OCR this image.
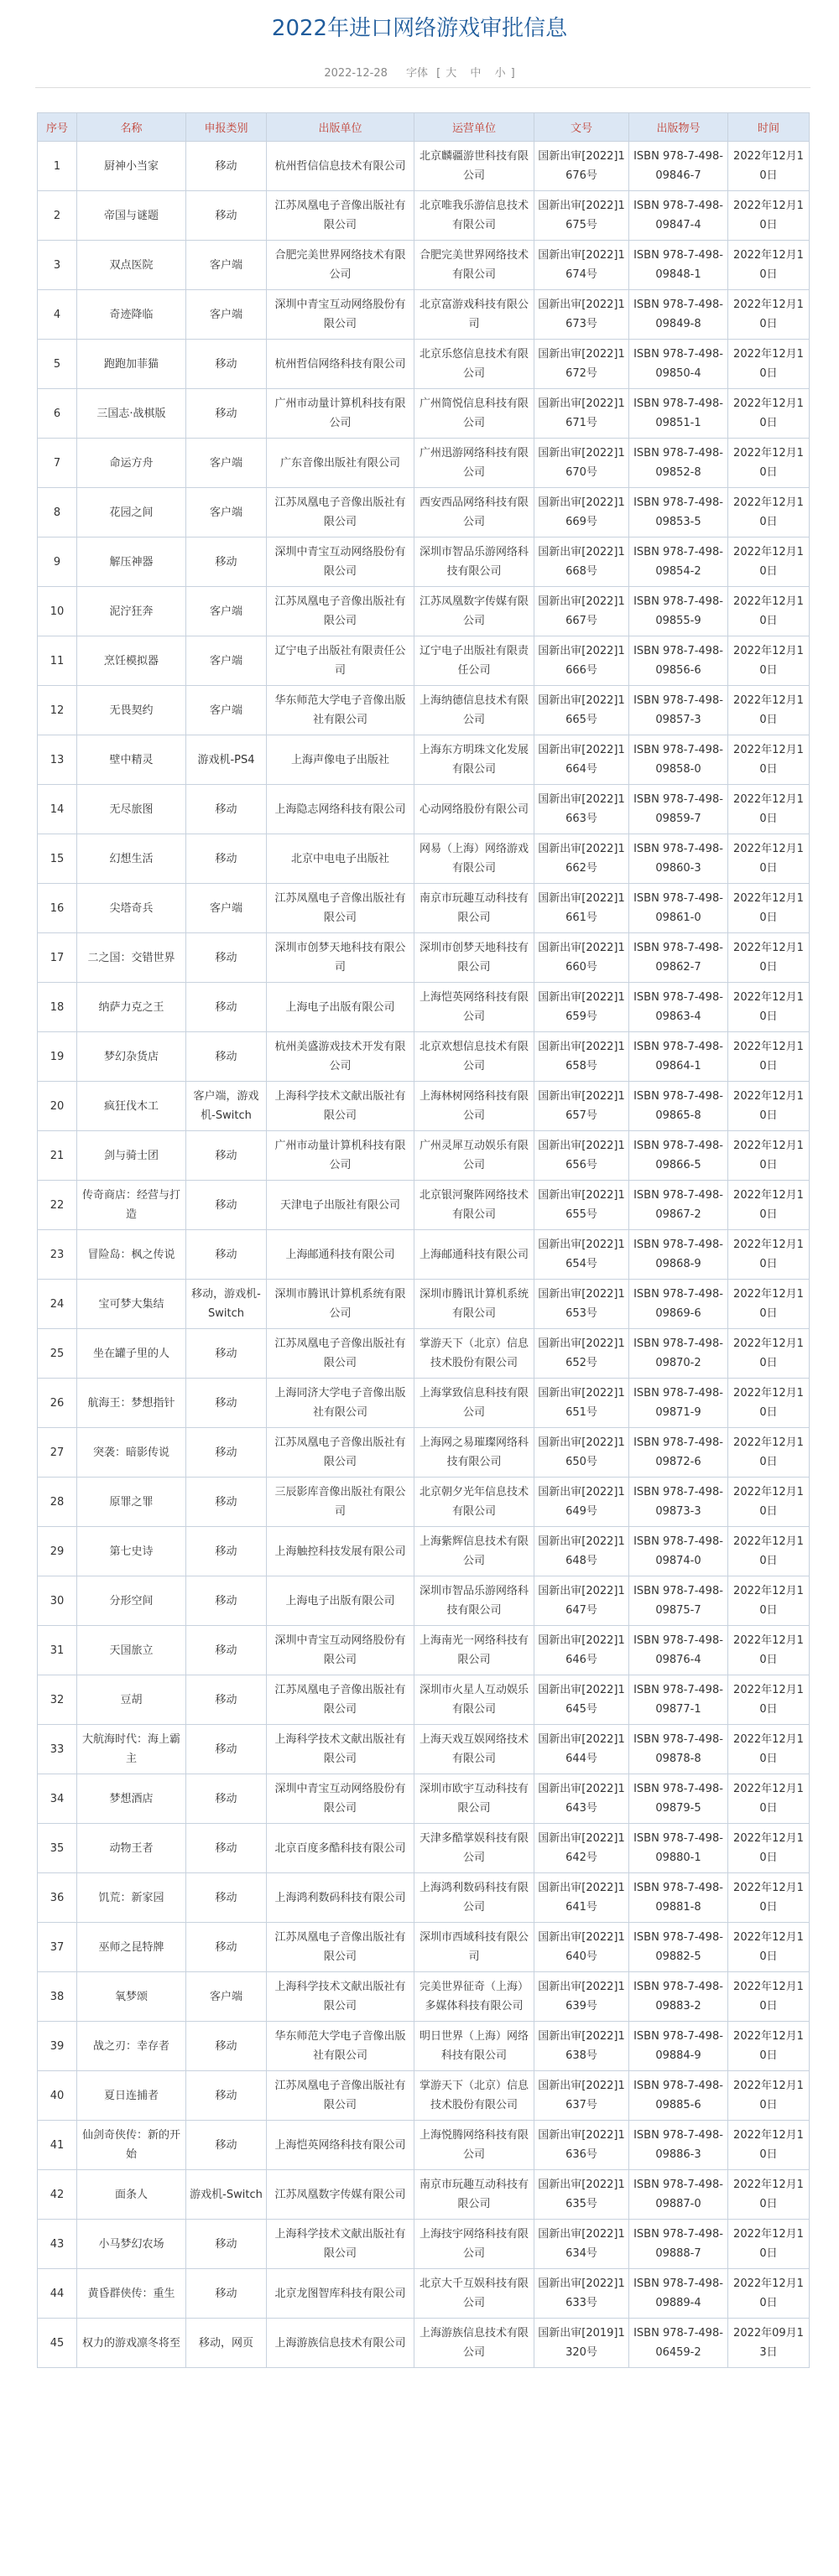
2022年进口网络游戏审批信息
2022-12-28 字体 [ 大 中 小 ]
序号	名称	申报类别	出版单位	运营单位	文号	出版物号	时间
1	厨神小当家	移动	杭州哲信信息技术有限公司	北京麟疆游世科技有限公司	国新出审[2022]1676号	ISBN 978-7-498-09846-7	2022年12月10日
2	帝国与谜题	移动	江苏凤凰电子音像出版社有限公司	北京唯我乐游信息技术有限公司	国新出审[2022]1675号	ISBN 978-7-498-09847-4	2022年12月10日
3	双点医院	客户端	合肥完美世界网络技术有限公司	合肥完美世界网络技术有限公司	国新出审[2022]1674号	ISBN 978-7-498-09848-1	2022年12月10日
4	奇迹降临	客户端	深圳中青宝互动网络股份有限公司	北京富游戏科技有限公司	国新出审[2022]1673号	ISBN 978-7-498-09849-8	2022年12月10日
5	跑跑加菲猫	移动	杭州哲信网络科技有限公司	北京乐悠信息技术有限公司	国新出审[2022]1672号	ISBN 978-7-498-09850-4	2022年12月10日
6	三国志·战棋版	移动	广州市动量计算机科技有限公司	广州简悦信息科技有限公司	国新出审[2022]1671号	ISBN 978-7-498-09851-1	2022年12月10日
7	命运方舟	客户端	广东音像出版社有限公司	广州迅游网络科技有限公司	国新出审[2022]1670号	ISBN 978-7-498-09852-8	2022年12月10日
8	花园之间	客户端	江苏凤凰电子音像出版社有限公司	西安西品网络科技有限公司	国新出审[2022]1669号	ISBN 978-7-498-09853-5	2022年12月10日
9	解压神器	移动	深圳中青宝互动网络股份有限公司	深圳市智品乐游网络科技有限公司	国新出审[2022]1668号	ISBN 978-7-498-09854-2	2022年12月10日
10	泥泞狂奔	客户端	江苏凤凰电子音像出版社有限公司	江苏凤凰数字传媒有限公司	国新出审[2022]1667号	ISBN 978-7-498-09855-9	2022年12月10日
11	烹饪模拟器	客户端	辽宁电子出版社有限责任公司	辽宁电子出版社有限责任公司	国新出审[2022]1666号	ISBN 978-7-498-09856-6	2022年12月10日
12	无畏契约	客户端	华东师范大学电子音像出版社有限公司	上海纳德信息技术有限公司	国新出审[2022]1665号	ISBN 978-7-498-09857-3	2022年12月10日
13	壁中精灵	游戏机-PS4	上海声像电子出版社	上海东方明珠文化发展有限公司	国新出审[2022]1664号	ISBN 978-7-498-09858-0	2022年12月10日
14	无尽旅图	移动	上海隐志网络科技有限公司	心动网络股份有限公司	国新出审[2022]1663号	ISBN 978-7-498-09859-7	2022年12月10日
15	幻想生活	移动	北京中电电子出版社	网易（上海）网络游戏有限公司	国新出审[2022]1662号	ISBN 978-7-498-09860-3	2022年12月10日
16	尖塔奇兵	客户端	江苏凤凰电子音像出版社有限公司	南京市玩趣互动科技有限公司	国新出审[2022]1661号	ISBN 978-7-498-09861-0	2022年12月10日
17	二之国：交错世界	移动	深圳市创梦天地科技有限公司	深圳市创梦天地科技有限公司	国新出审[2022]1660号	ISBN 978-7-498-09862-7	2022年12月10日
18	纳萨力克之王	移动	上海电子出版有限公司	上海恺英网络科技有限公司	国新出审[2022]1659号	ISBN 978-7-498-09863-4	2022年12月10日
19	梦幻杂货店	移动	杭州美盛游戏技术开发有限公司	北京欢想信息技术有限公司	国新出审[2022]1658号	ISBN 978-7-498-09864-1	2022年12月10日
20	疯狂伐木工	客户端，游戏机-Switch	上海科学技术文献出版社有限公司	上海林树网络科技有限公司	国新出审[2022]1657号	ISBN 978-7-498-09865-8	2022年12月10日
21	剑与骑士团	移动	广州市动量计算机科技有限公司	广州灵犀互动娱乐有限公司	国新出审[2022]1656号	ISBN 978-7-498-09866-5	2022年12月10日
22	传奇商店：经营与打造	移动	天津电子出版社有限公司	北京银河聚阵网络技术有限公司	国新出审[2022]1655号	ISBN 978-7-498-09867-2	2022年12月10日
23	冒险岛：枫之传说	移动	上海邮通科技有限公司	上海邮通科技有限公司	国新出审[2022]1654号	ISBN 978-7-498-09868-9	2022年12月10日
24	宝可梦大集结	移动，游戏机-Switch	深圳市腾讯计算机系统有限公司	深圳市腾讯计算机系统有限公司	国新出审[2022]1653号	ISBN 978-7-498-09869-6	2022年12月10日
25	坐在罐子里的人	移动	江苏凤凰电子音像出版社有限公司	掌游天下（北京）信息技术股份有限公司	国新出审[2022]1652号	ISBN 978-7-498-09870-2	2022年12月10日
26	航海王：梦想指针	移动	上海同济大学电子音像出版社有限公司	上海掌致信息科技有限公司	国新出审[2022]1651号	ISBN 978-7-498-09871-9	2022年12月10日
27	突袭：暗影传说	移动	江苏凤凰电子音像出版社有限公司	上海网之易璀璨网络科技有限公司	国新出审[2022]1650号	ISBN 978-7-498-09872-6	2022年12月10日
28	原罪之罪	移动	三辰影库音像出版社有限公司	北京朝夕光年信息技术有限公司	国新出审[2022]1649号	ISBN 978-7-498-09873-3	2022年12月10日
29	第七史诗	移动	上海触控科技发展有限公司	上海紫辉信息技术有限公司	国新出审[2022]1648号	ISBN 978-7-498-09874-0	2022年12月10日
30	分形空间	移动	上海电子出版有限公司	深圳市智品乐游网络科技有限公司	国新出审[2022]1647号	ISBN 978-7-498-09875-7	2022年12月10日
31	天国旅立	移动	深圳中青宝互动网络股份有限公司	上海南光一网络科技有限公司	国新出审[2022]1646号	ISBN 978-7-498-09876-4	2022年12月10日
32	豆胡	移动	江苏凤凰电子音像出版社有限公司	深圳市火星人互动娱乐有限公司	国新出审[2022]1645号	ISBN 978-7-498-09877-1	2022年12月10日
33	大航海时代：海上霸主	移动	上海科学技术文献出版社有限公司	上海天戏互娱网络技术有限公司	国新出审[2022]1644号	ISBN 978-7-498-09878-8	2022年12月10日
34	梦想酒店	移动	深圳中青宝互动网络股份有限公司	深圳市欧宇互动科技有限公司	国新出审[2022]1643号	ISBN 978-7-498-09879-5	2022年12月10日
35	动物王者	移动	北京百度多酷科技有限公司	天津多酷掌娱科技有限公司	国新出审[2022]1642号	ISBN 978-7-498-09880-1	2022年12月10日
36	饥荒：新家园	移动	上海鸿利数码科技有限公司	上海鸿利数码科技有限公司	国新出审[2022]1641号	ISBN 978-7-498-09881-8	2022年12月10日
37	巫师之昆特牌	移动	江苏凤凰电子音像出版社有限公司	深圳市西域科技有限公司	国新出审[2022]1640号	ISBN 978-7-498-09882-5	2022年12月10日
38	氧梦颂	客户端	上海科学技术文献出版社有限公司	完美世界征奇（上海）多媒体科技有限公司	国新出审[2022]1639号	ISBN 978-7-498-09883-2	2022年12月10日
39	战之刃：幸存者	移动	华东师范大学电子音像出版社有限公司	明日世界（上海）网络科技有限公司	国新出审[2022]1638号	ISBN 978-7-498-09884-9	2022年12月10日
40	夏日连捕者	移动	江苏凤凰电子音像出版社有限公司	掌游天下（北京）信息技术股份有限公司	国新出审[2022]1637号	ISBN 978-7-498-09885-6	2022年12月10日
41	仙剑奇侠传：新的开始	移动	上海恺英网络科技有限公司	上海悦腾网络科技有限公司	国新出审[2022]1636号	ISBN 978-7-498-09886-3	2022年12月10日
42	面条人	游戏机-Switch	江苏凤凰数字传媒有限公司	南京市玩趣互动科技有限公司	国新出审[2022]1635号	ISBN 978-7-498-09887-0	2022年12月10日
43	小马梦幻农场	移动	上海科学技术文献出版社有限公司	上海技宇网络科技有限公司	国新出审[2022]1634号	ISBN 978-7-498-09888-7	2022年12月10日
44	黄昏群侠传：重生	移动	北京龙图智库科技有限公司	北京大千互娱科技有限公司	国新出审[2022]1633号	ISBN 978-7-498-09889-4	2022年12月10日
45	权力的游戏凛冬将至	移动，网页	上海游族信息技术有限公司	上海游族信息技术有限公司	国新出审[2019]1320号	ISBN 978-7-498-06459-2	2022年09月13日
